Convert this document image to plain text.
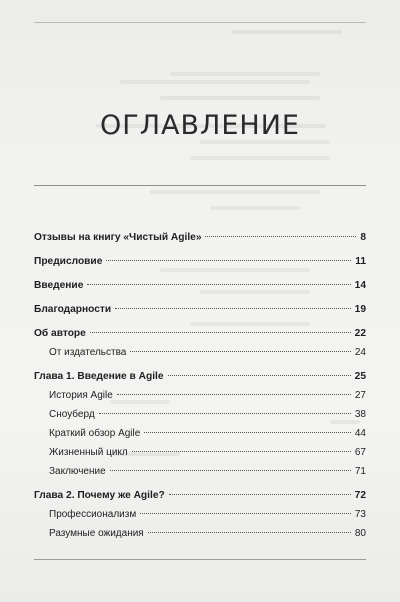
ОГЛАВЛЕНИЕ
Отзывы на книгу «Чистый Agile»	8
Предисловие	11
Введение	14
Благодарности	19
Об авторе	22
От издательства	24
Глава 1. Введение в Agile	25
История Agile	27
Сноуберд	38
Краткий обзор Agile	44
Жизненный цикл	67
Заключение	71
Глава 2. Почему же Agile?	72
Профессионализм	73
Разумные ожидания	80
